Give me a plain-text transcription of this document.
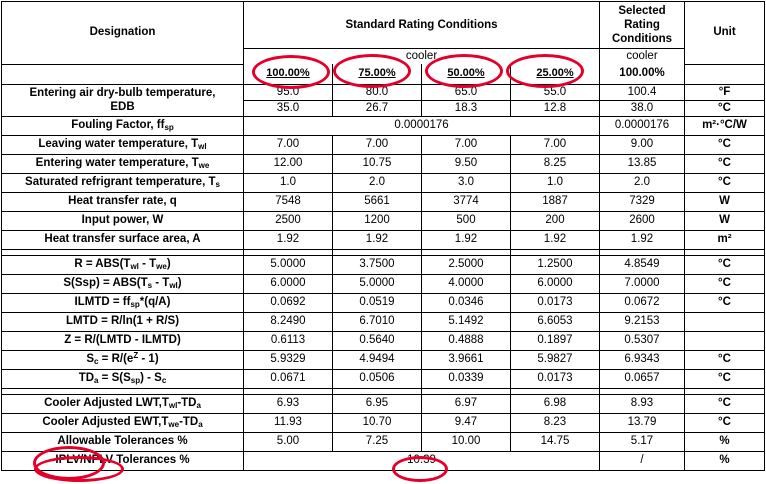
Designation	Standard Rating Conditions				Selected
Rating
Conditions	Unit

	cooler				cooler	
	100.00%	75.00%	50.00%	25.00%	100.00%	

Entering air dry-bulb temperature,
EDB	95.0	80.0	65.0	55.0	100.4	°F
	35.0	26.7	18.3	12.8	38.0	°C
Fouling Factor, $ff_{sp}$	0.0000176				0.0000176	m²·°C/W
Leaving water temperature, $T_{wl}$	7.00	7.00	7.00	7.00	9.00	°C
Entering water temperature, $T_{we}$	12.00	10.75	9.50	8.25	13.85	°C
Saturated refrigrant temperature, $T_s$	1.0	2.0	3.0	1.0	2.0	°C
Heat transfer rate, q	7548	5661	3774	1887	7329	W
Input power, W	2500	1200	500	200	2600	W
Heat transfer surface area, A	1.92	1.92	1.92	1.92	1.92	m²

$R = ABS(T_{wl} - T_{we})$	5.0000	3.7500	2.5000	1.2500	4.8549	°C
$S(Ssp) = ABS(T_s - T_{wl})$	6.0000	5.0000	4.0000	6.0000	7.0000	°C
ILMTD = $ff_{sp}*(q/A)$	0.0692	0.0519	0.0346	0.0173	0.0672	°C
LMTD = R/ln(1 + R/S)	8.2490	6.7010	5.1492	6.6053	9.2153	
Z = R/(LMTD - ILMTD)	0.6113	0.5640	0.4888	0.1897	0.5307	
$S_c = R/(e^Z - 1)$	5.9329	4.9494	3.9661	5.9827	6.9343	°C
$TD_a = S(S_{sp}) - S_c$	0.0671	0.0506	0.0339	0.0173	0.0657	°C

Cooler Adjusted $LWT,T_{wl}-TD_a$	6.93	6.95	6.97	6.98	8.93	°C
Cooler Adjusted $EWT,T_{we}-TD_a$	11.93	10.70	9.47	8.23	13.79	°C
Allowable Tolerances %	5.00	7.25	10.00	14.75	5.17	%
IPLV/NPLV Tolerances %	10.39				/	%
